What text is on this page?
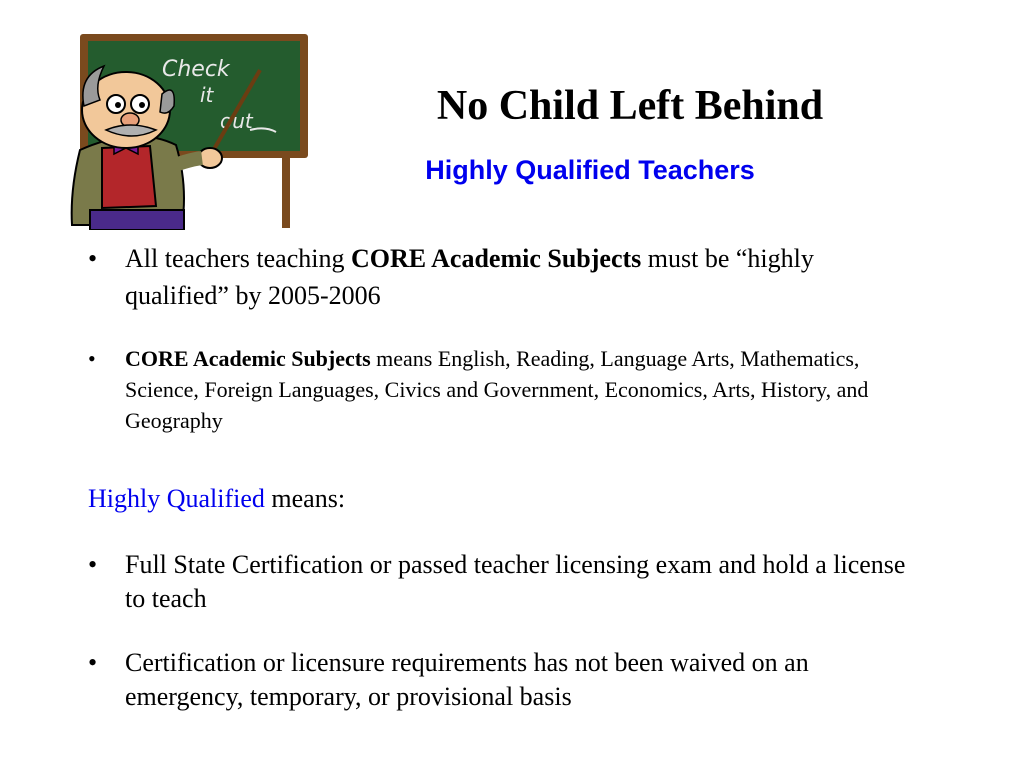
Check
it
out	No Child Left Behind
Highly Qualified Teachers
• All teachers teaching CORE Academic Subjects must be “highly qualified” by 2005-2006
• CORE Academic Subjects means English, Reading, Language Arts, Mathematics, Science, Foreign Languages, Civics and Government, Economics, Arts, History, and Geography

Highly Qualified means:

• Full State Certification or passed teacher licensing exam and hold a license to teach
• Certification or licensure requirements has not been waived on an emergency, temporary, or provisional basis
